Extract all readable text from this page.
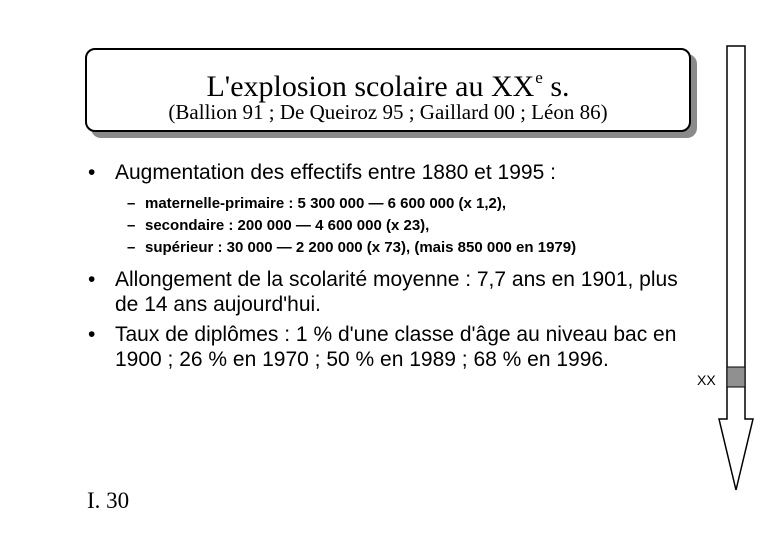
L'explosion scolaire au XXe s.
(Ballion 91 ; De Queiroz 95 ; Gaillard 00 ; Léon 86)
• Augmentation des effectifs entre 1880 et 1995 :
– maternelle-primaire : 5 300 000 — 6 600 000 (x 1,2),
– secondaire : 200 000 — 4 600 000 (x 23),
– supérieur : 30 000 — 2 200 000 (x 73), (mais 850 000 en 1979)
• Allongement de la scolarité moyenne : 7,7 ans en 1901, plus de 14 ans aujourd'hui.
• Taux de diplômes : 1 % d'une classe d'âge au niveau bac en 1900 ; 26 % en 1970 ; 50 % en 1989 ; 68 % en 1996.
XX
I. 30
